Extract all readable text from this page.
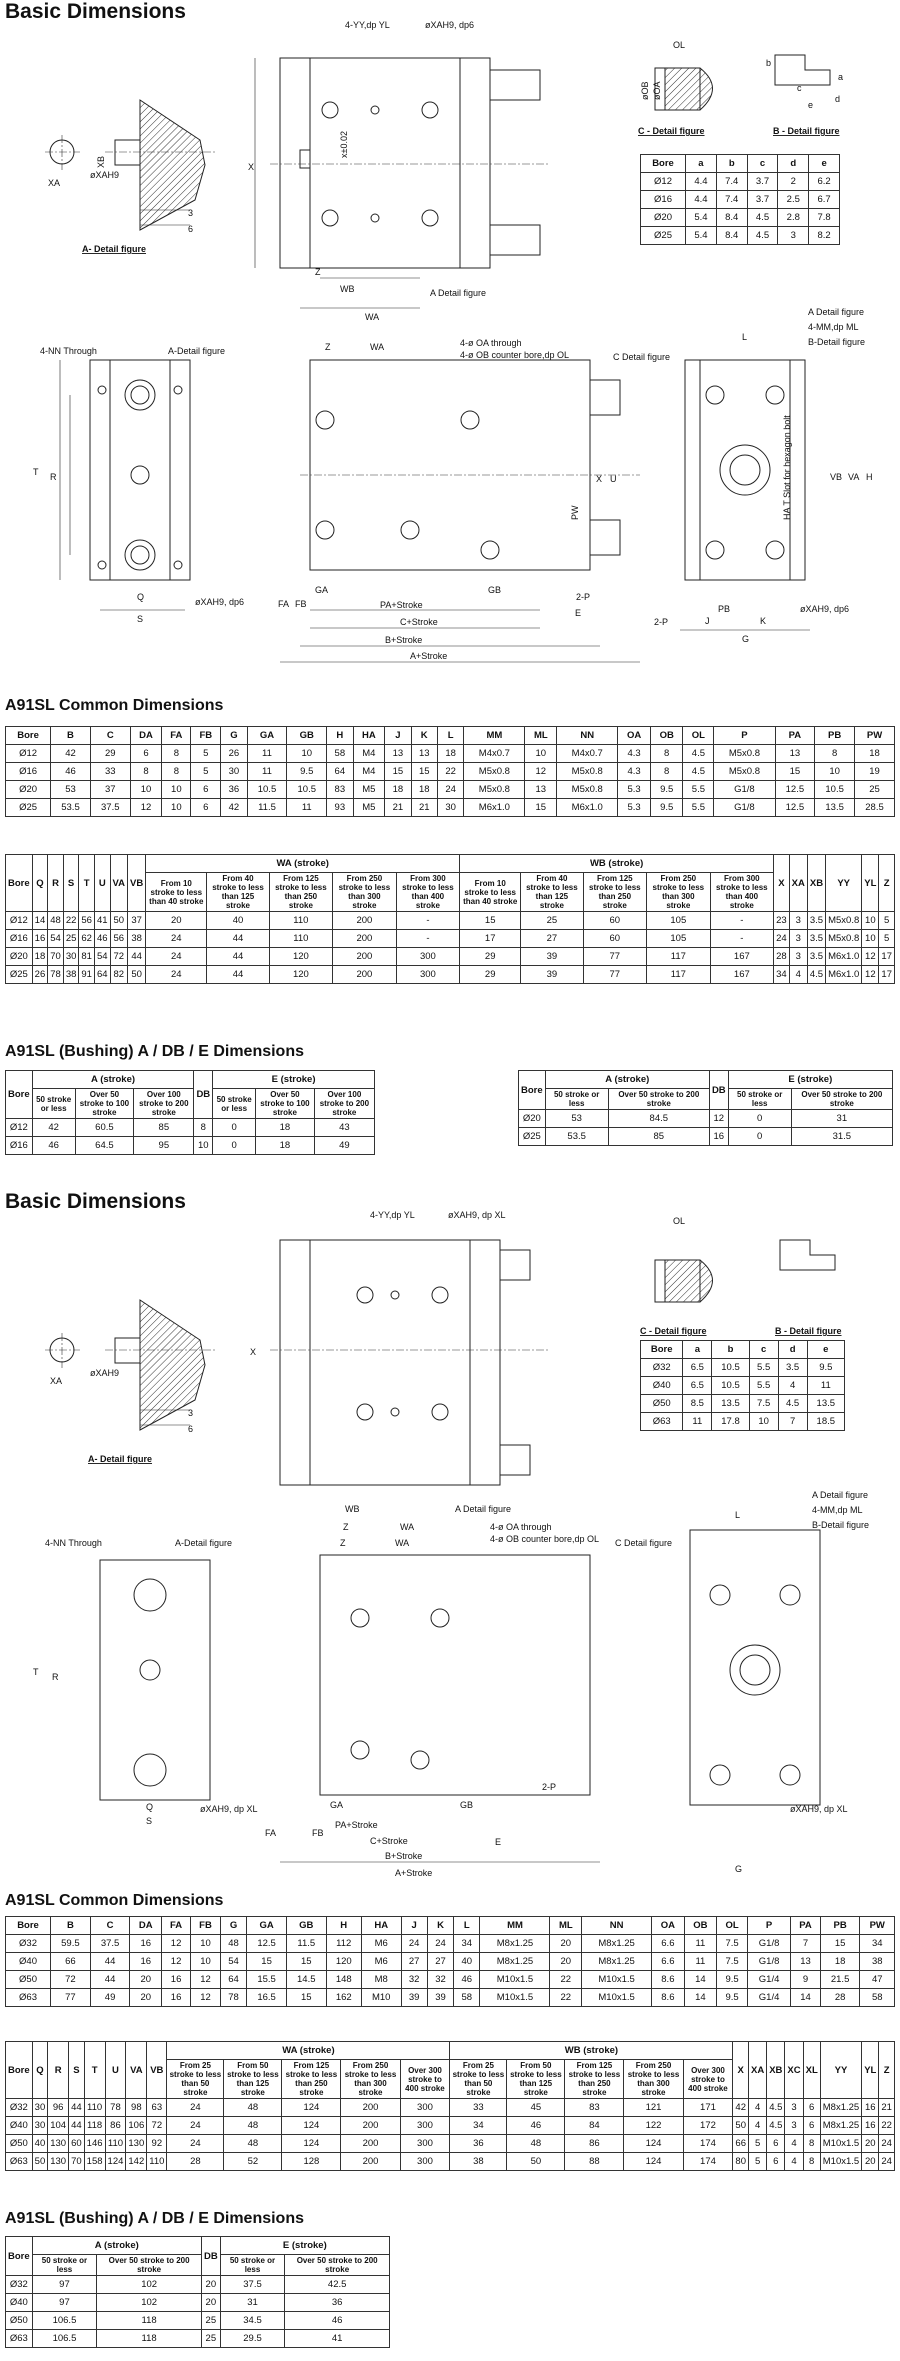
Basic Dimensions
XA
XB
øXAH9
3
6
A- Detail figure
X
Z
WB
WA
4-YY,dp YL	øXAH9, dp6
A Detail figure
x±0.02
OL
øOB øOA
C - Detail figure
b
c
a
e
d
B - Detail figure
T R
Q
S
4-NN Through	A-Detail figure
øXAH9, dp6
Z	WA
PA+Stroke
C+Stroke
B+Stroke
A+Stroke
E
FA FB
GA	GB
2-P
4-ø OA through
4-ø OB counter bore,dp OL
PW
U
X
L
G
PB
J	K
A Detail figure
4-MM,dp ML
B-Detail figure
C Detail figure
øXAH9, dp6
2-P
HA T Slot for hexagon bolt	VB VA H
Bore	a	b	c	d	e
Ø12	4.4	7.4	3.7	2	6.2
Ø16	4.4	7.4	3.7	2.5	6.7
Ø20	5.4	8.4	4.5	2.8	7.8
Ø25	5.4	8.4	4.5	3	8.2
A91SL Common Dimensions
Bore	B	C	DA	FA	FB	G	GA	GB	H	HA	J	K	L	MM	ML	NN	OA	OB	OL	P	PA	PB	PW
Ø12	42	29	6	8	5	26	11	10	58	M4	13	13	18	M4x0.7	10	M4x0.7	4.3	8	4.5	M5x0.8	13	8	18
Ø16	46	33	8	8	5	30	11	9.5	64	M4	15	15	22	M5x0.8	12	M5x0.8	4.3	8	4.5	M5x0.8	15	10	19
Ø20	53	37	10	10	6	36	10.5	10.5	83	M5	18	18	24	M5x0.8	13	M5x0.8	5.3	9.5	5.5	G1/8	12.5	10.5	25
Ø25	53.5	37.5	12	10	6	42	11.5	11	93	M5	21	21	30	M6x1.0	15	M6x1.0	5.3	9.5	5.5	G1/8	12.5	13.5	28.5
Bore	Q	R	S	T	U	VA	VB	WA (stroke)					WB (stroke)					X	XA	XB	YY	YL	Z
								From 10 stroke to less than 40 stroke	From 40 stroke to less than 125 stroke	From 125 stroke to less than 250 stroke	From 250 stroke to less than 300 stroke	From 300 stroke to less than 400 stroke	From 10 stroke to less than 40 stroke	From 40 stroke to less than 125 stroke	From 125 stroke to less than 250 stroke	From 250 stroke to less than 300 stroke	From 300 stroke to less than 400 stroke						
Ø12	14	48	22	56	41	50	37	20	40	110	200	-	15	25	60	105	-	23	3	3.5	M5x0.8	10	5
Ø16	16	54	25	62	46	56	38	24	44	110	200	-	17	27	60	105	-	24	3	3.5	M5x0.8	10	5
Ø20	18	70	30	81	54	72	44	24	44	120	200	300	29	39	77	117	167	28	3	3.5	M6x1.0	12	17
Ø25	26	78	38	91	64	82	50	24	44	120	200	300	29	39	77	117	167	34	4	4.5	M6x1.0	12	17
A91SL (Bushing) A / DB / E Dimensions
Bore	A (stroke)			DB	E (stroke)		
	50 stroke or less	Over 50 stroke to 100 stroke	Over 100 stroke to 200 stroke		50 stroke or less	Over 50 stroke to 100 stroke	Over 100 stroke to 200 stroke
Ø12	42	60.5	85	8	0	18	43
Ø16	46	64.5	95	10	0	18	49
Bore	A (stroke)		DB	E (stroke)	
	50 stroke or less	Over 50 stroke to 200 stroke		50 stroke or less	Over 50 stroke to 200 stroke
Ø20	53	84.5	12	0	31
Ø25	53.5	85	16	0	31.5
Basic Dimensions
XA
øXAH9
3
6
A- Detail figure
X
WB
Z	WA
4-YY,dp YL	øXAH9, dp XL
A Detail figure
OL
C - Detail figure	B - Detail figure
T R
Q
S
4-NN Through	A-Detail figure
øXAH9, dp XL
Z	WA
PA+Stroke
C+Stroke
B+Stroke
A+Stroke
E
FA	FB
GA	GB
2-P
4-ø OA through
4-ø OB counter bore,dp OL
L
G
A Detail figure
4-MM,dp ML
B-Detail figure
C Detail figure
øXAH9, dp XL
Bore	a	b	c	d	e
Ø32	6.5	10.5	5.5	3.5	9.5
Ø40	6.5	10.5	5.5	4	11
Ø50	8.5	13.5	7.5	4.5	13.5
Ø63	11	17.8	10	7	18.5
A91SL Common Dimensions
Bore	B	C	DA	FA	FB	G	GA	GB	H	HA	J	K	L	MM	ML	NN	OA	OB	OL	P	PA	PB	PW
Ø32	59.5	37.5	16	12	10	48	12.5	11.5	112	M6	24	24	34	M8x1.25	20	M8x1.25	6.6	11	7.5	G1/8	7	15	34
Ø40	66	44	16	12	10	54	15	15	120	M6	27	27	40	M8x1.25	20	M8x1.25	6.6	11	7.5	G1/8	13	18	38
Ø50	72	44	20	16	12	64	15.5	14.5	148	M8	32	32	46	M10x1.5	22	M10x1.5	8.6	14	9.5	G1/4	9	21.5	47
Ø63	77	49	20	16	12	78	16.5	15	162	M10	39	39	58	M10x1.5	22	M10x1.5	8.6	14	9.5	G1/4	14	28	58
Bore	Q	R	S	T	U	VA	VB	WA (stroke)					WB (stroke)					X	XA	XB	XC	XL	YY	YL	Z
								From 25 stroke to less than 50 stroke	From 50 stroke to less than 125 stroke	From 125 stroke to less than 250 stroke	From 250 stroke to less than 300 stroke	Over 300 stroke to 400 stroke	From 25 stroke to less than 50 stroke	From 50 stroke to less than 125 stroke	From 125 stroke to less than 250 stroke	From 250 stroke to less than 300 stroke	Over 300 stroke to 400 stroke								
Ø32	30	96	44	110	78	98	63	24	48	124	200	300	33	45	83	121	171	42	4	4.5	3	6	M8x1.25	16	21
Ø40	30	104	44	118	86	106	72	24	48	124	200	300	34	46	84	122	172	50	4	4.5	3	6	M8x1.25	16	22
Ø50	40	130	60	146	110	130	92	24	48	124	200	300	36	48	86	124	174	66	5	6	4	8	M10x1.5	20	24
Ø63	50	130	70	158	124	142	110	28	52	128	200	300	38	50	88	124	174	80	5	6	4	8	M10x1.5	20	24
A91SL (Bushing) A / DB / E Dimensions
Bore	A (stroke)		DB	E (stroke)	
	50 stroke or less	Over 50 stroke to 200 stroke		50 stroke or less	Over 50 stroke to 200 stroke
Ø32	97	102	20	37.5	42.5
Ø40	97	102	20	31	36
Ø50	106.5	118	25	34.5	46
Ø63	106.5	118	25	29.5	41
